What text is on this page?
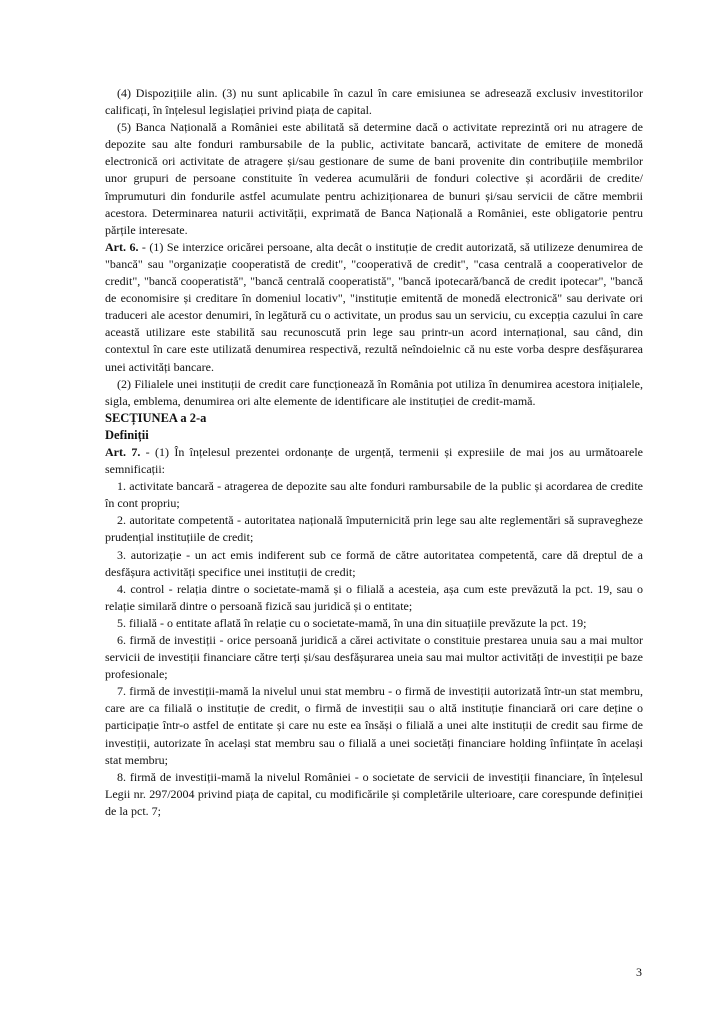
(4) Dispozițiile alin. (3) nu sunt aplicabile în cazul în care emisiunea se adresează exclusiv investitorilor calificați, în înțelesul legislației privind piața de capital.

(5) Banca Națională a României este abilitată să determine dacă o activitate reprezintă ori nu atragere de depozite sau alte fonduri rambursabile de la public, activitate bancară, activitate de emitere de monedă electronică ori activitate de atragere și/sau gestionare de sume de bani provenite din contribuțiile membrilor unor grupuri de persoane constituite în vederea acumulării de fonduri colective și acordării de credite/împrumuturi din fondurile astfel acumulate pentru achiziționarea de bunuri și/sau servicii de către membrii acestora. Determinarea naturii activității, exprimată de Banca Națională a României, este obligatorie pentru părțile interesate.

Art. 6. - (1) Se interzice oricărei persoane, alta decât o instituție de credit autorizată, să utilizeze denumirea de "bancă" sau "organizație cooperatistă de credit", "cooperativă de credit", "casa centrală a cooperativelor de credit", "bancă cooperatistă", "bancă centrală cooperatistă", "bancă ipotecară/bancă de credit ipotecar", "bancă de economisire și creditare în domeniul locativ", "instituție emitentă de monedă electronică" sau derivate ori traduceri ale acestor denumiri, în legătură cu o activitate, un produs sau un serviciu, cu excepția cazului în care această utilizare este stabilită sau recunoscută prin lege sau printr-un acord internațional, sau când, din contextul în care este utilizată denumirea respectivă, rezultă neîndoielnic că nu este vorba despre desfășurarea unei activități bancare.

(2) Filialele unei instituții de credit care funcționează în România pot utiliza în denumirea acestora inițialele, sigla, emblema, denumirea ori alte elemente de identificare ale instituției de credit-mamă.

SECȚIUNEA a 2-a

Definiții

Art. 7. - (1) În înțelesul prezentei ordonanțe de urgență, termenii și expresiile de mai jos au următoarele semnificații:

1. activitate bancară - atragerea de depozite sau alte fonduri rambursabile de la public și acordarea de credite în cont propriu;

2. autoritate competentă - autoritatea națională împuternicită prin lege sau alte reglementări să supravegheze prudențial instituțiile de credit;

3. autorizație - un act emis indiferent sub ce formă de către autoritatea competentă, care dă dreptul de a desfășura activități specifice unei instituții de credit;

4. control - relația dintre o societate-mamă și o filială a acesteia, așa cum este prevăzută la pct. 19, sau o relație similară dintre o persoană fizică sau juridică și o entitate;

5. filială - o entitate aflată în relație cu o societate-mamă, în una din situațiile prevăzute la pct. 19;

6. firmă de investiții - orice persoană juridică a cărei activitate o constituie prestarea unuia sau a mai multor servicii de investiții financiare către terți și/sau desfășurarea uneia sau mai multor activități de investiții pe baze profesionale;

7. firmă de investiții-mamă la nivelul unui stat membru - o firmă de investiții autorizată într-un stat membru, care are ca filială o instituție de credit, o firmă de investiții sau o altă instituție financiară ori care deține o participație într-o astfel de entitate și care nu este ea însăși o filială a unei alte instituții de credit sau firme de investiții, autorizate în același stat membru sau o filială a unei societăți financiare holding înființate în același stat membru;

8. firmă de investiții-mamă la nivelul României - o societate de servicii de investiții financiare, în înțelesul Legii nr. 297/2004 privind piața de capital, cu modificările și completările ulterioare, care corespunde definiției de la pct. 7;

3
